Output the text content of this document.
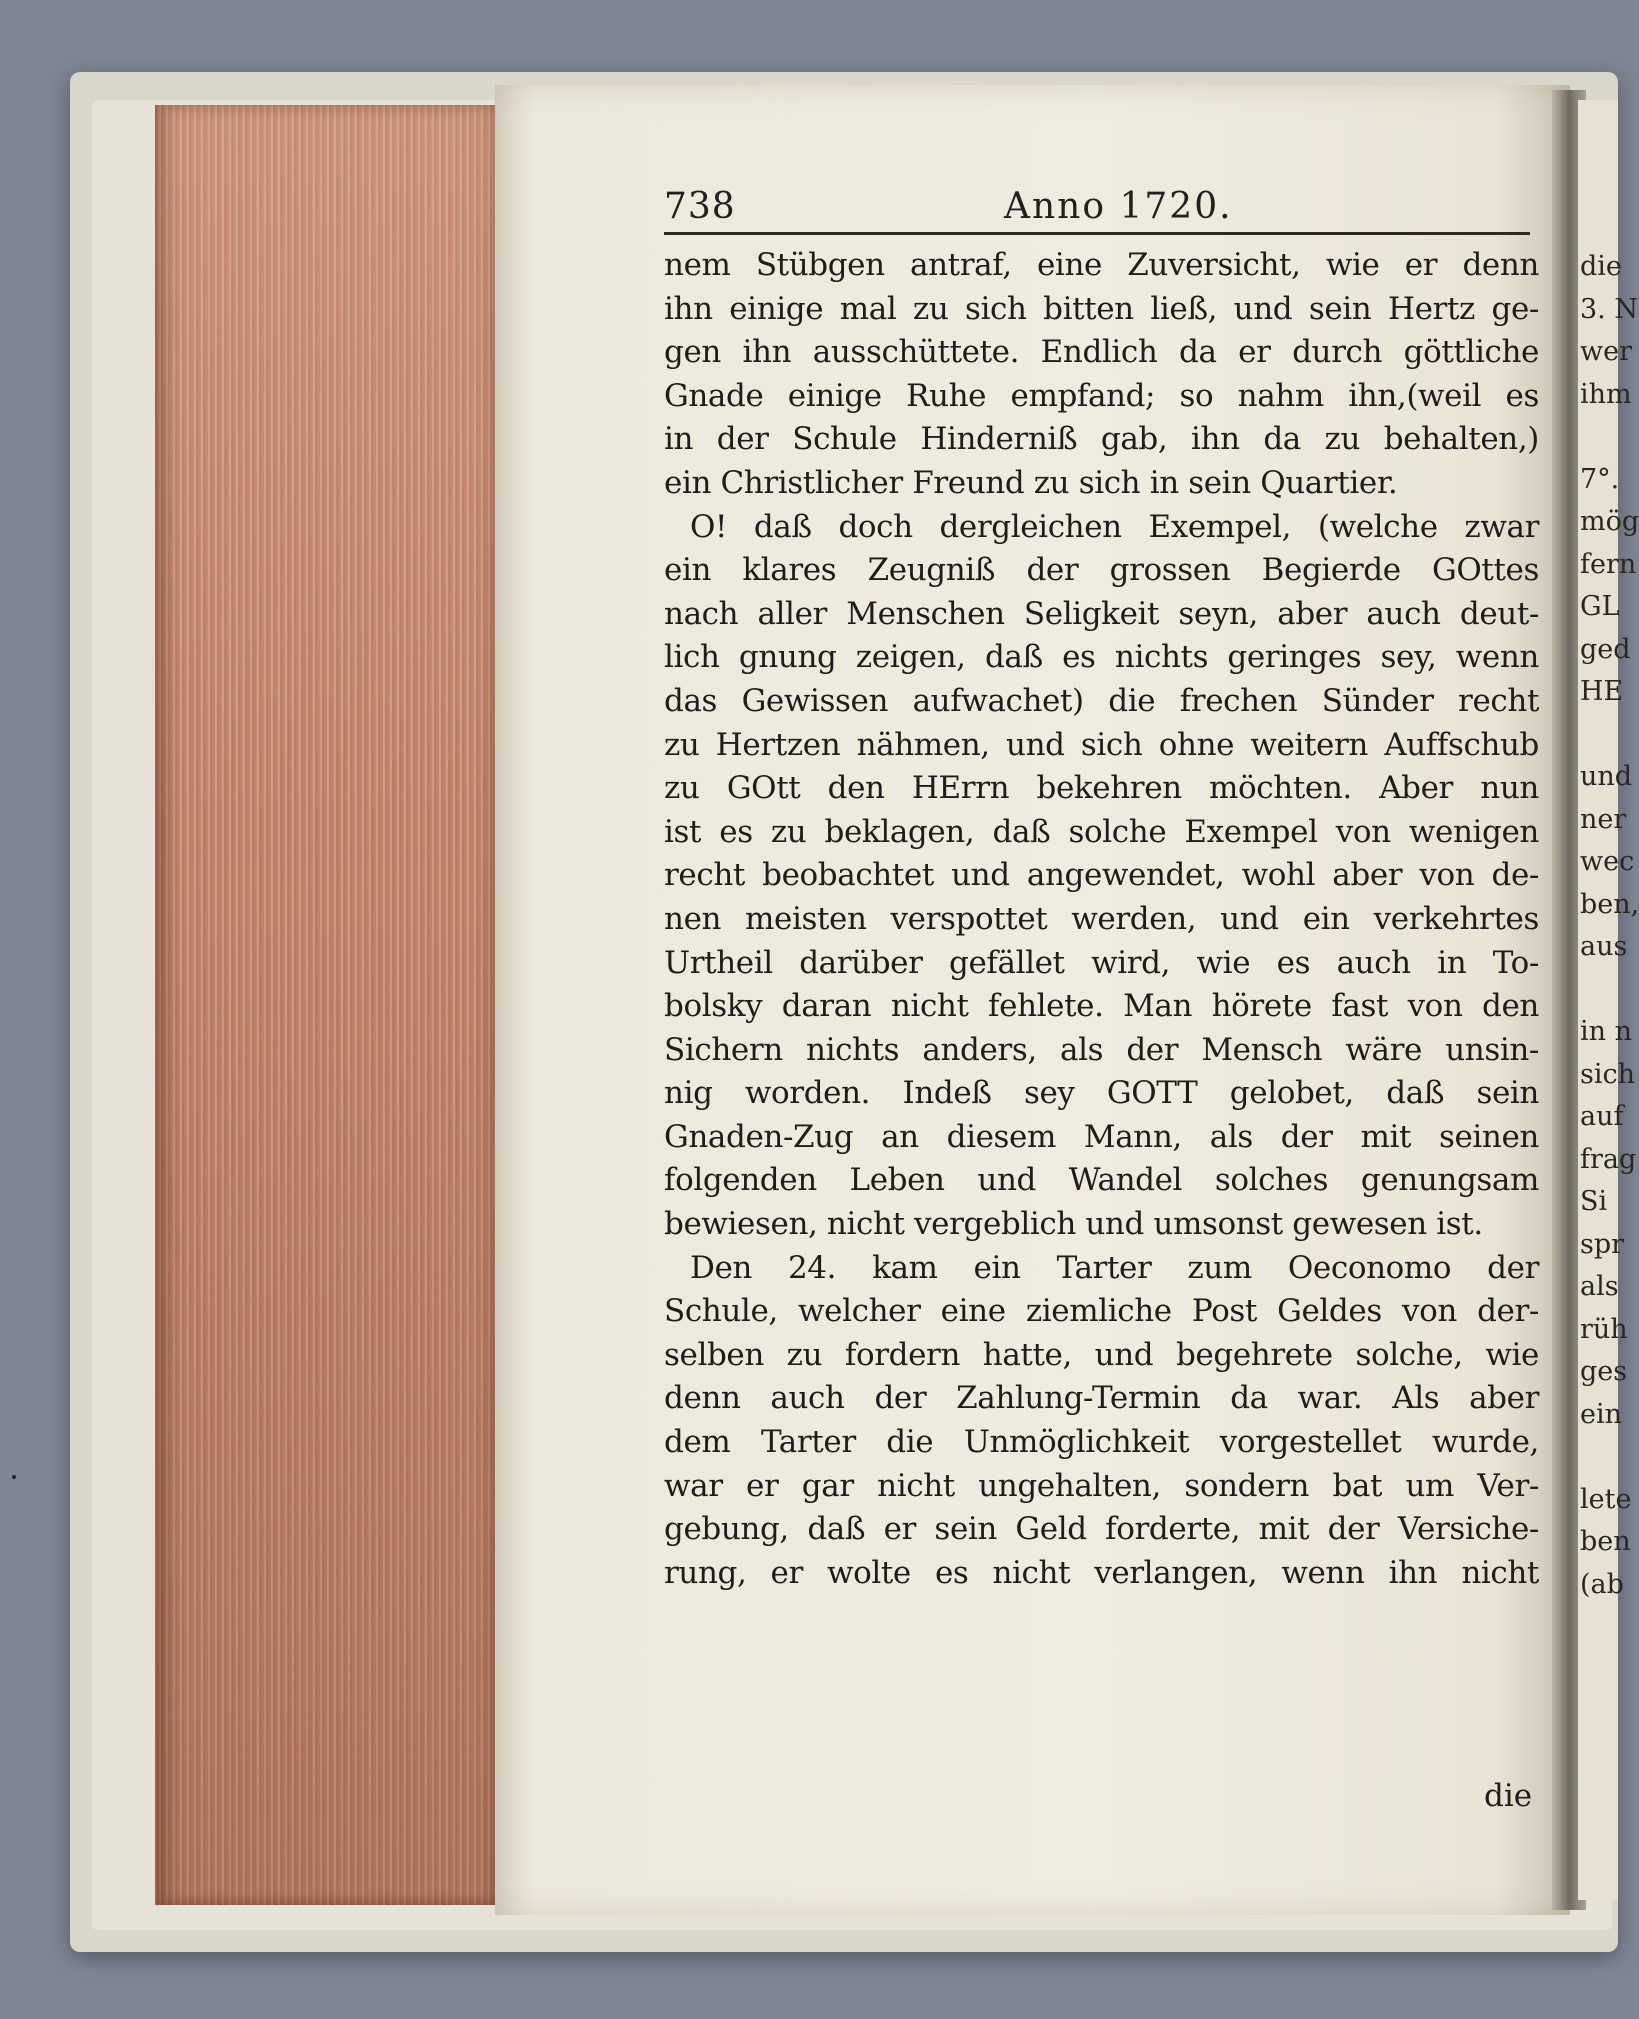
die
3. N
wer
ihm
7°.
mög
fern
GL
ged
HE
und
ner
wec
ben,
aus
in n
sich
auf
frag
Si
spr
als
rüh
ges
ein
lete
ben
(ab
738	Anno 1720.
nem Stübgen antraf, eine Zuversicht, wie er denn
ihn einige mal zu sich bitten ließ, und sein Hertz ge-
gen ihn ausschüttete. Endlich da er durch göttliche
Gnade einige Ruhe empfand; so nahm ihn,(weil es
in der Schule Hinderniß gab, ihn da zu behalten,)
ein Christlicher Freund zu sich in sein Quartier.
O! daß doch dergleichen Exempel, (welche zwar
ein klares Zeugniß der grossen Begierde GOttes
nach aller Menschen Seligkeit seyn, aber auch deut-
lich gnung zeigen, daß es nichts geringes sey, wenn
das Gewissen aufwachet) die frechen Sünder recht
zu Hertzen nähmen, und sich ohne weitern Auffschub
zu GOtt den HErrn bekehren möchten. Aber nun
ist es zu beklagen, daß solche Exempel von wenigen
recht beobachtet und angewendet, wohl aber von de-
nen meisten verspottet werden, und ein verkehrtes
Urtheil darüber gefället wird, wie es auch in To-
bolsky daran nicht fehlete. Man hörete fast von den
Sichern nichts anders, als der Mensch wäre unsin-
nig worden. Indeß sey GOTT gelobet, daß sein
Gnaden-Zug an diesem Mann, als der mit seinen
folgenden Leben und Wandel solches genungsam
bewiesen, nicht vergeblich und umsonst gewesen ist.
Den 24. kam ein Tarter zum Oeconomo der
Schule, welcher eine ziemliche Post Geldes von der-
selben zu fordern hatte, und begehrete solche, wie
denn auch der Zahlung-Termin da war. Als aber
dem Tarter die Unmöglichkeit vorgestellet wurde,
war er gar nicht ungehalten, sondern bat um Ver-
gebung, daß er sein Geld forderte, mit der Versiche-
rung, er wolte es nicht verlangen, wenn ihn nicht
die
